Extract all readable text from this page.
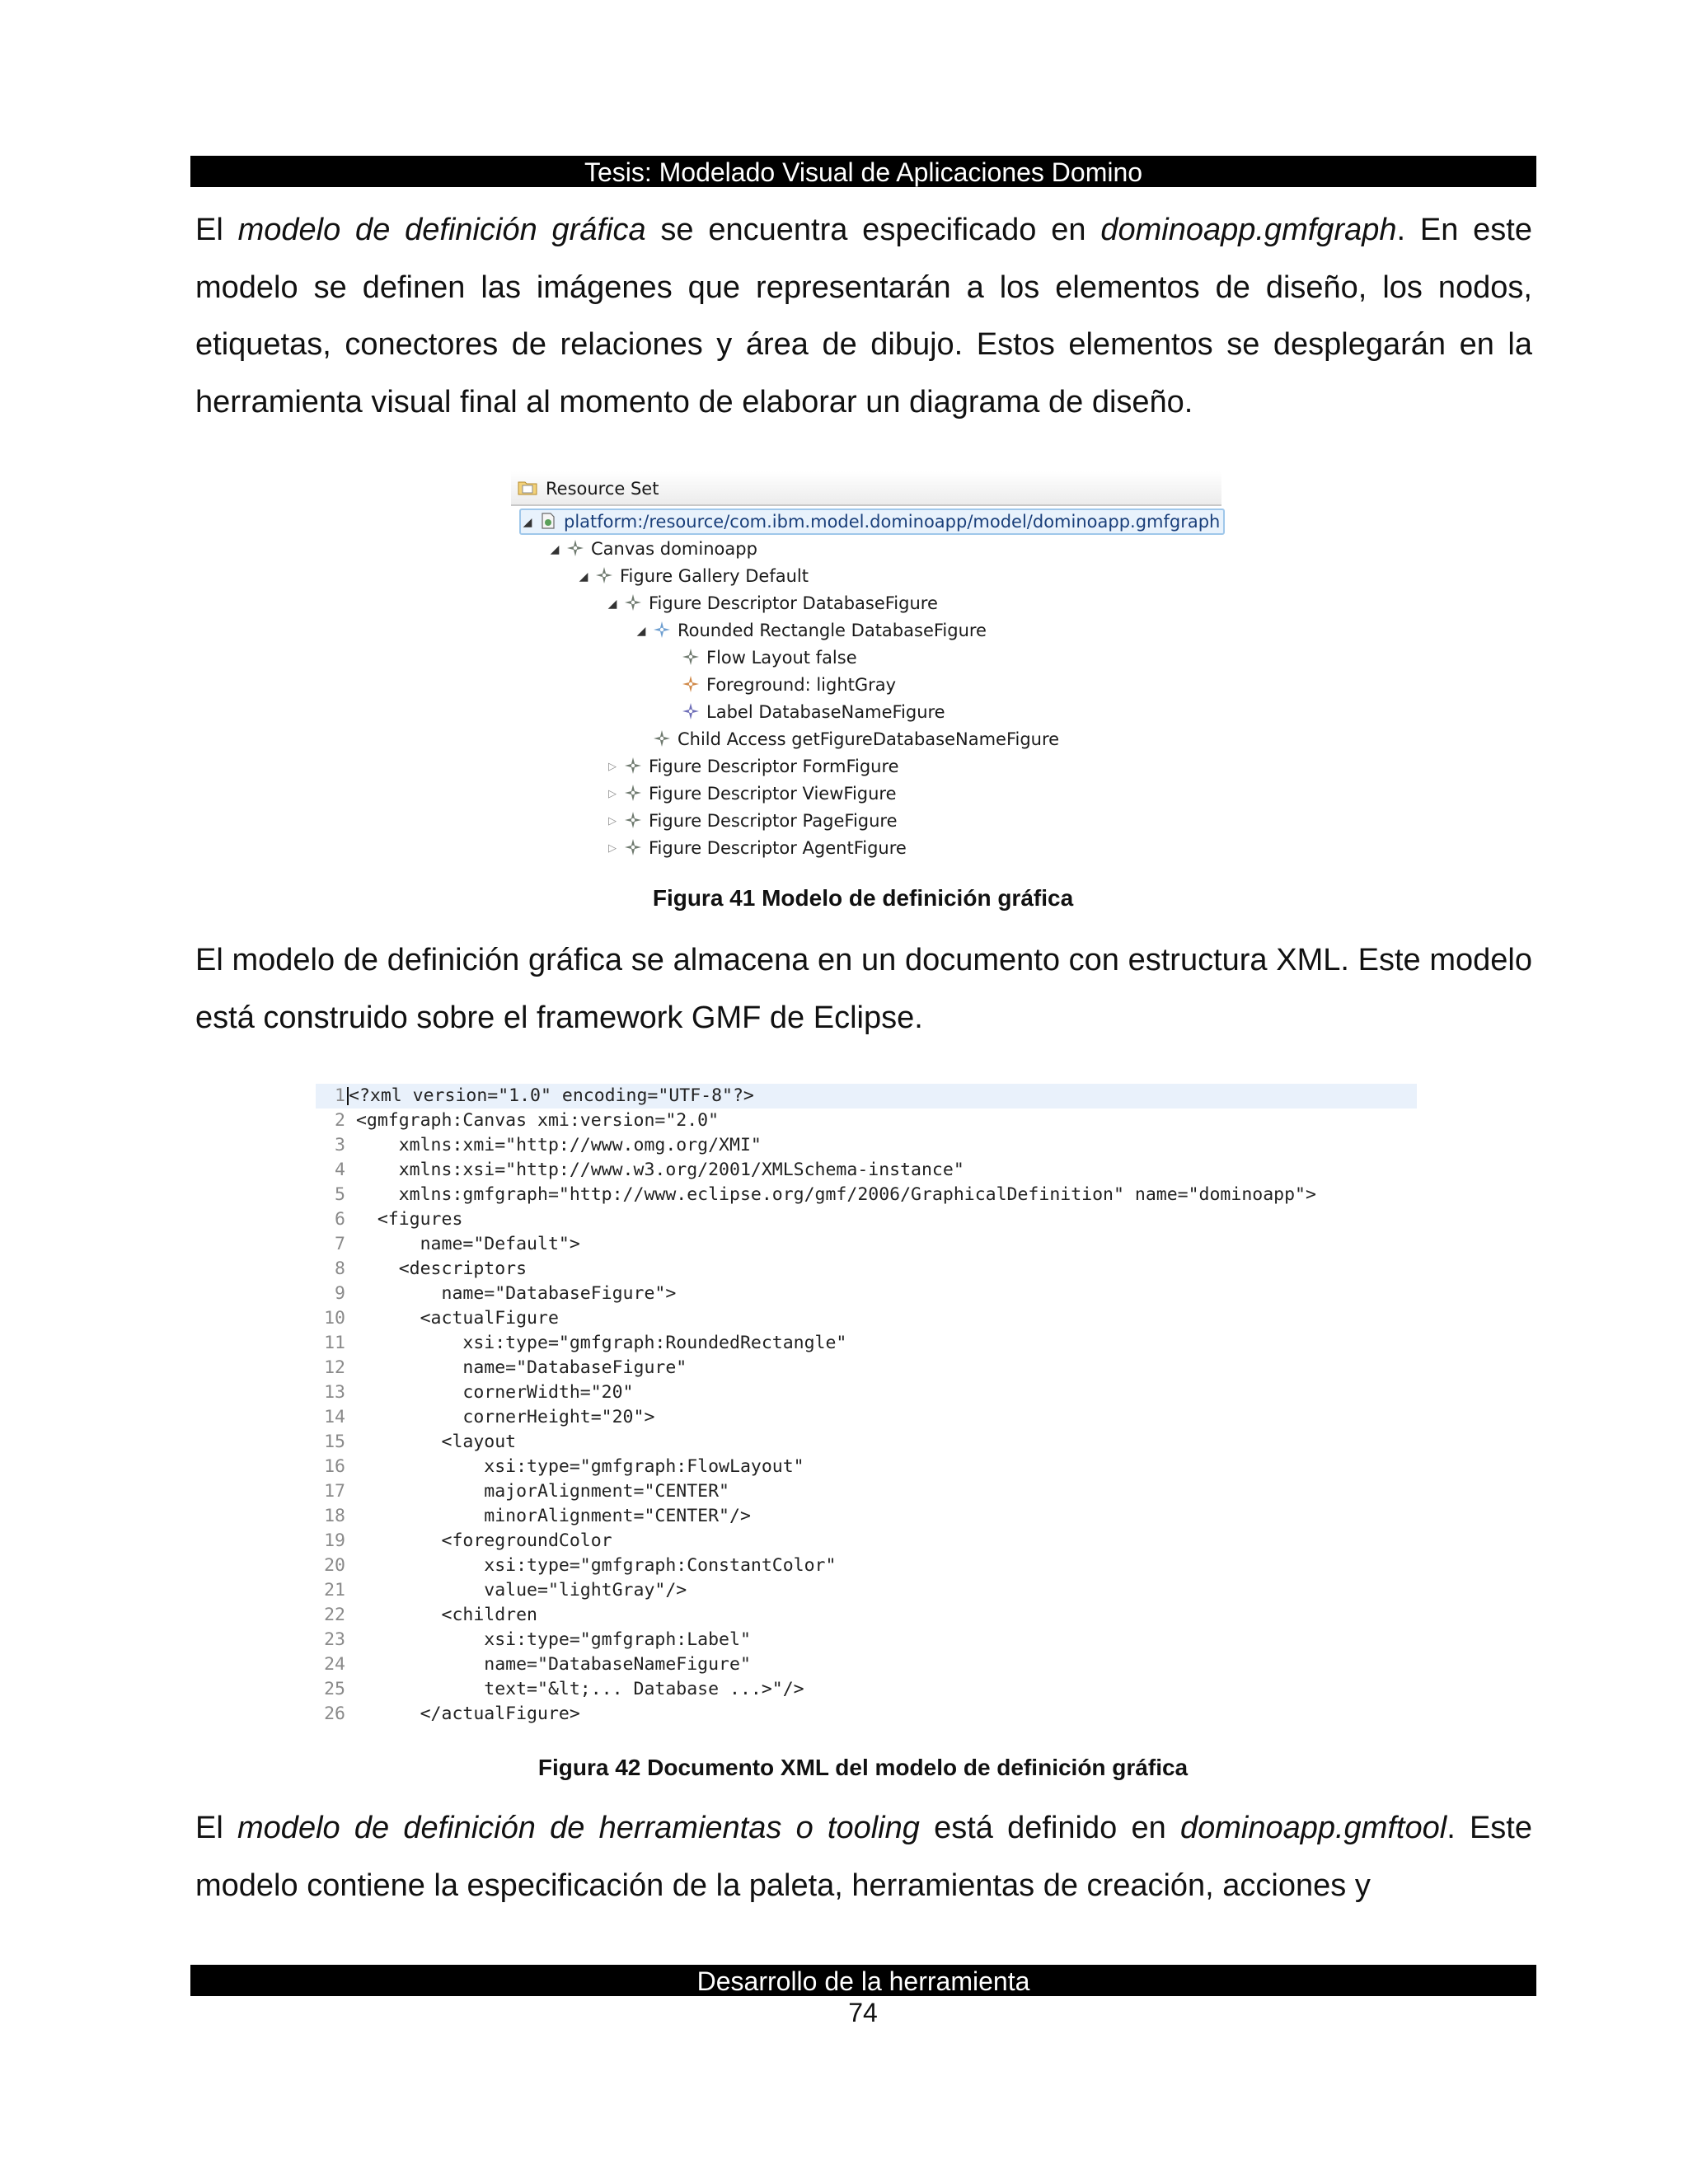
Tesis: Modelado Visual de Aplicaciones Domino

El modelo de definición gráfica se encuentra especificado en dominoapp.gmfgraph. En este modelo se definen las imágenes que representarán a los elementos de diseño, los nodos, etiquetas, conectores de relaciones y área de dibujo. Estos elementos se desplegarán en la herramienta visual final al momento de elaborar un diagrama de diseño.

Resource Set
◢ platform:/resource/com.ibm.model.dominoapp/model/dominoapp.gmfgraph
◢ Canvas dominoapp
◢ Figure Gallery Default
◢ Figure Descriptor DatabaseFigure
◢ Rounded Rectangle DatabaseFigure
Flow Layout false
Foreground: lightGray
Label DatabaseNameFigure
Child Access getFigureDatabaseNameFigure
▷ Figure Descriptor FormFigure
▷ Figure Descriptor ViewFigure
▷ Figure Descriptor PageFigure
▷ Figure Descriptor AgentFigure
Figura 41 Modelo de definición gráfica

El modelo de definición gráfica se almacena en un documento con estructura XML. Este modelo está construido sobre el framework GMF de Eclipse.

1 <?xml version="1.0" encoding="UTF-8"?>
2 <gmfgraph:Canvas xmi:version="2.0"
3     xmlns:xmi="http://www.omg.org/XMI"
4     xmlns:xsi="http://www.w3.org/2001/XMLSchema-instance"
5     xmlns:gmfgraph="http://www.eclipse.org/gmf/2006/GraphicalDefinition" name="dominoapp">
6   <figures
7       name="Default">
8     <descriptors
9         name="DatabaseFigure">
10       <actualFigure
11           xsi:type="gmfgraph:RoundedRectangle"
12           name="DatabaseFigure"
13           cornerWidth="20"
14           cornerHeight="20">
15         <layout
16             xsi:type="gmfgraph:FlowLayout"
17             majorAlignment="CENTER"
18             minorAlignment="CENTER"/>
19         <foregroundColor
20             xsi:type="gmfgraph:ConstantColor"
21             value="lightGray"/>
22         <children
23             xsi:type="gmfgraph:Label"
24             name="DatabaseNameFigure"
25             text="&lt;... Database ...>"/>
26       </actualFigure>
Figura 42 Documento XML del modelo de definición gráfica

El modelo de definición de herramientas o tooling está definido en dominoapp.gmftool. Este modelo contiene la especificación de la paleta, herramientas de creación, acciones y

Desarrollo de la herramienta
74
